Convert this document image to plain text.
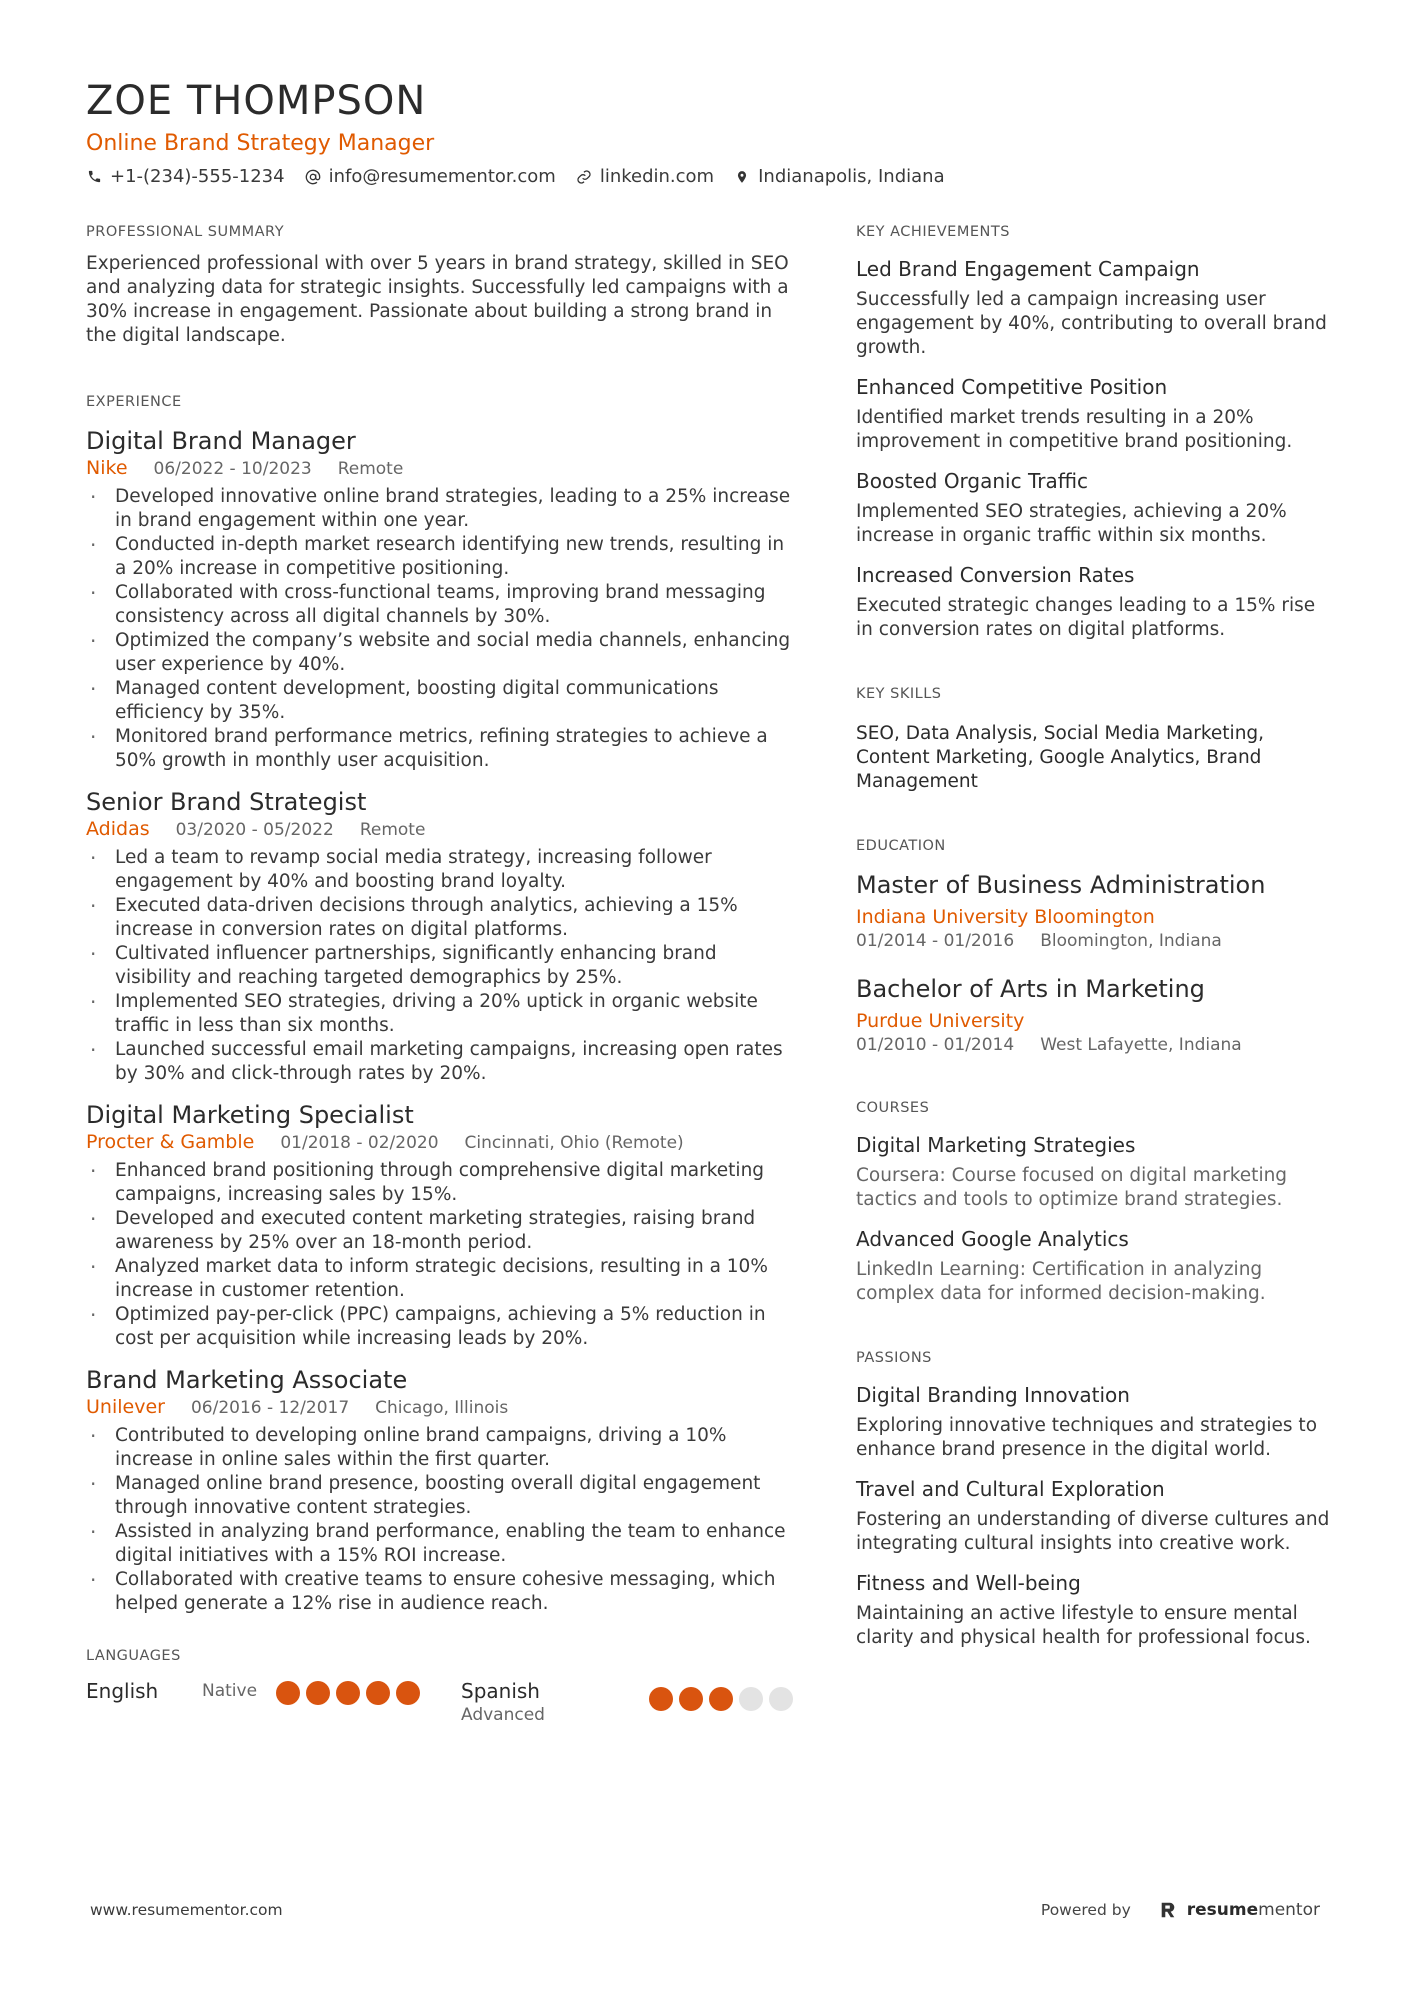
ZOE THOMPSON
Online Brand Strategy Manager
+1-(234)-555-1234 info@resumementor.com linkedin.com Indianapolis, Indiana
PROFESSIONAL SUMMARY
Experienced professional with over 5 years in brand strategy, skilled in SEO and analyzing data for strategic insights. Successfully led campaigns with a 30% increase in engagement. Passionate about building a strong brand in the digital landscape.
EXPERIENCE
Digital Brand Manager
Nike 06/2022 - 10/2023 Remote
· Developed innovative online brand strategies, leading to a 25% increase in brand engagement within one year.
· Conducted in-depth market research identifying new trends, resulting in a 20% increase in competitive positioning.
· Collaborated with cross-functional teams, improving brand messaging consistency across all digital channels by 30%.
· Optimized the company’s website and social media channels, enhancing user experience by 40%.
· Managed content development, boosting digital communications efficiency by 35%.
· Monitored brand performance metrics, refining strategies to achieve a 50% growth in monthly user acquisition.
Senior Brand Strategist
Adidas 03/2020 - 05/2022 Remote
· Led a team to revamp social media strategy, increasing follower engagement by 40% and boosting brand loyalty.
· Executed data-driven decisions through analytics, achieving a 15% increase in conversion rates on digital platforms.
· Cultivated influencer partnerships, significantly enhancing brand visibility and reaching targeted demographics by 25%.
· Implemented SEO strategies, driving a 20% uptick in organic website traffic in less than six months.
· Launched successful email marketing campaigns, increasing open rates by 30% and click-through rates by 20%.
Digital Marketing Specialist
Procter & Gamble 01/2018 - 02/2020 Cincinnati, Ohio (Remote)
· Enhanced brand positioning through comprehensive digital marketing campaigns, increasing sales by 15%.
· Developed and executed content marketing strategies, raising brand awareness by 25% over an 18-month period.
· Analyzed market data to inform strategic decisions, resulting in a 10% increase in customer retention.
· Optimized pay-per-click (PPC) campaigns, achieving a 5% reduction in cost per acquisition while increasing leads by 20%.
Brand Marketing Associate
Unilever 06/2016 - 12/2017 Chicago, Illinois
· Contributed to developing online brand campaigns, driving a 10% increase in online sales within the first quarter.
· Managed online brand presence, boosting overall digital engagement through innovative content strategies.
· Assisted in analyzing brand performance, enabling the team to enhance digital initiatives with a 15% ROI increase.
· Collaborated with creative teams to ensure cohesive messaging, which helped generate a 12% rise in audience reach.
LANGUAGES
English	Native	Spanish
Advanced
KEY ACHIEVEMENTS
Led Brand Engagement Campaign
Successfully led a campaign increasing user engagement by 40%, contributing to overall brand growth.
Enhanced Competitive Position
Identified market trends resulting in a 20% improvement in competitive brand positioning.
Boosted Organic Traffic
Implemented SEO strategies, achieving a 20% increase in organic traffic within six months.
Increased Conversion Rates
Executed strategic changes leading to a 15% rise in conversion rates on digital platforms.
KEY SKILLS
SEO, Data Analysis, Social Media Marketing, Content Marketing, Google Analytics, Brand Management
EDUCATION
Master of Business Administration
Indiana University Bloomington
01/2014 - 01/2016 Bloomington, Indiana
Bachelor of Arts in Marketing
Purdue University
01/2010 - 01/2014 West Lafayette, Indiana
COURSES
Digital Marketing Strategies
Coursera: Course focused on digital marketing tactics and tools to optimize brand strategies.
Advanced Google Analytics
LinkedIn Learning: Certification in analyzing complex data for informed decision-making.
PASSIONS
Digital Branding Innovation
Exploring innovative techniques and strategies to enhance brand presence in the digital world.
Travel and Cultural Exploration
Fostering an understanding of diverse cultures and integrating cultural insights into creative work.
Fitness and Well-being
Maintaining an active lifestyle to ensure mental clarity and physical health for professional focus.
www.resumementor.com	Powered by	resumementor
